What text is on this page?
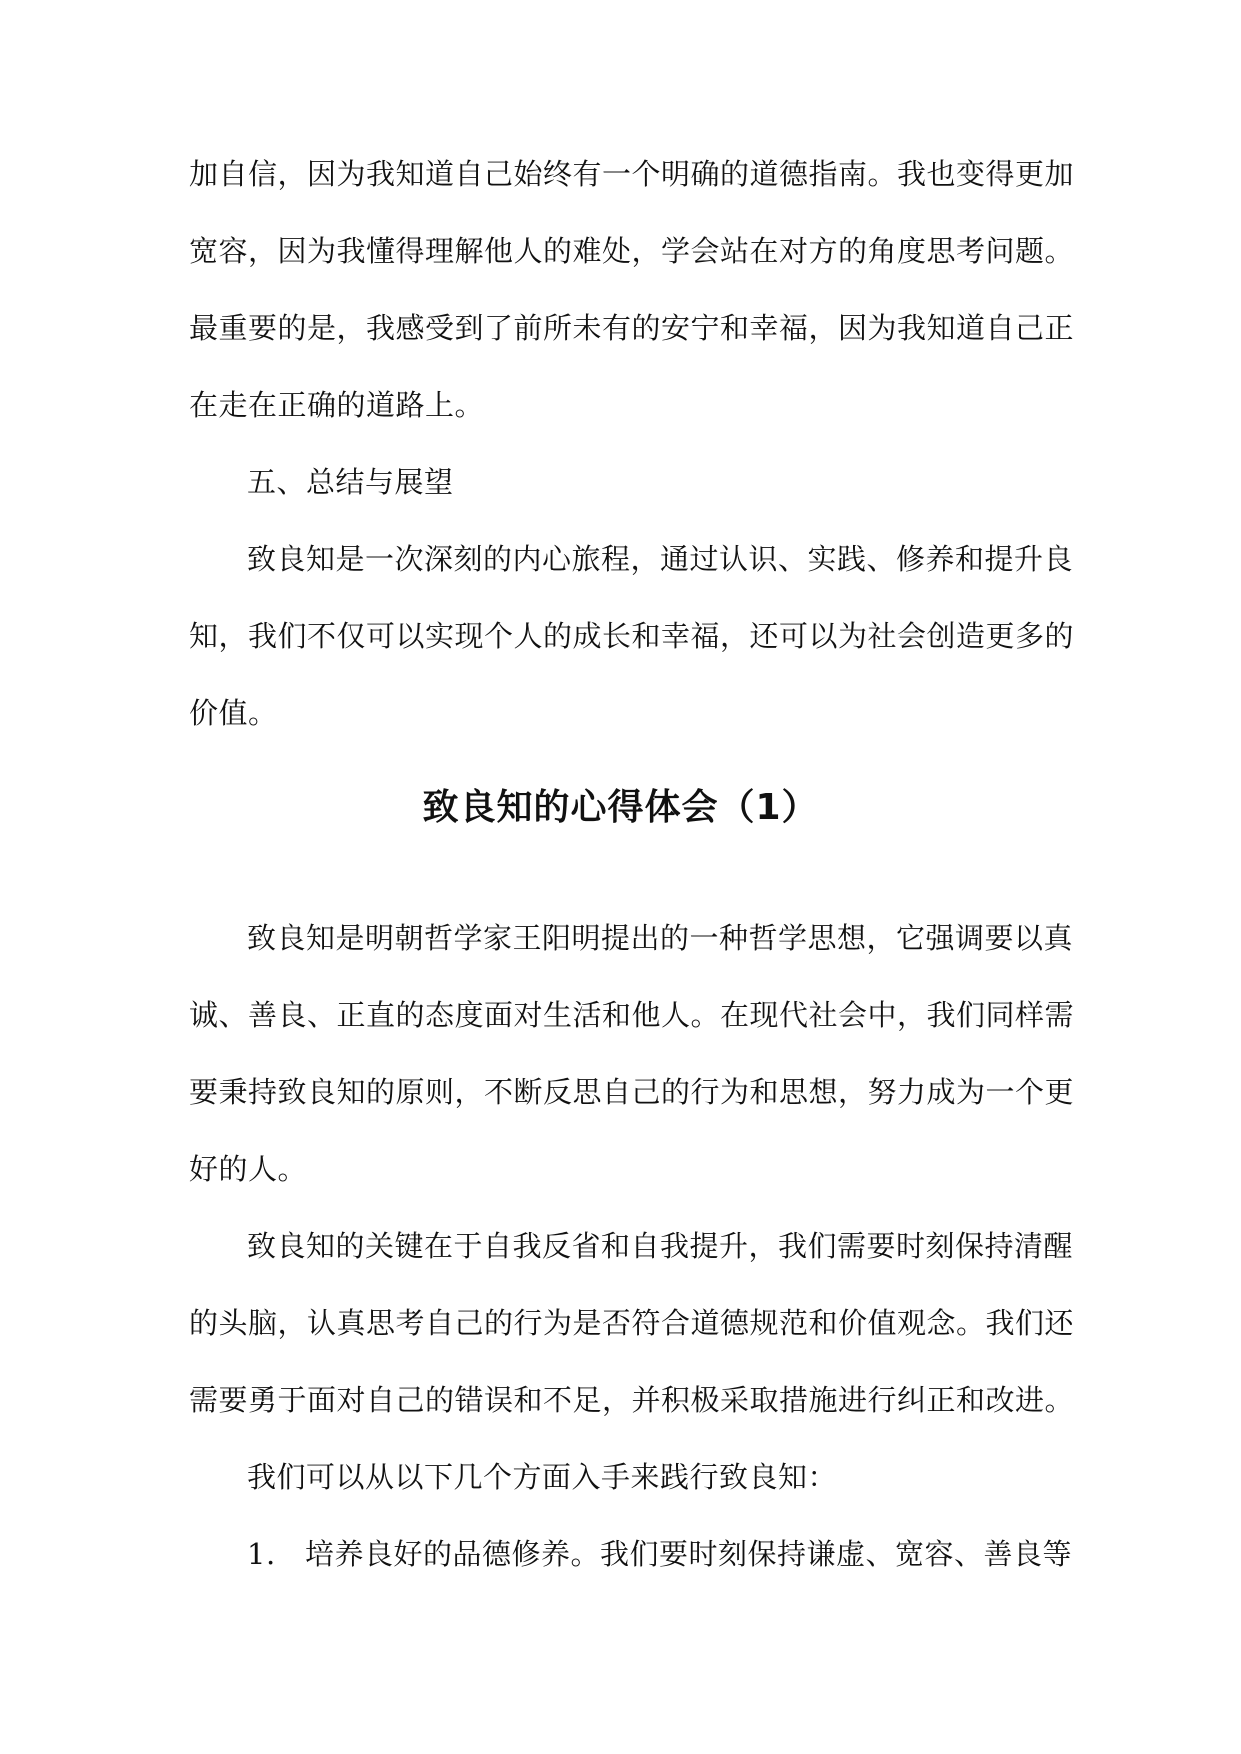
加自信，因为我知道自己始终有一个明确的道德指南。我也变得更加
宽容，因为我懂得理解他人的难处，学会站在对方的角度思考问题。
最重要的是，我感受到了前所未有的安宁和幸福，因为我知道自己正
在走在正确的道路上。
五、总结与展望
致良知是一次深刻的内心旅程，通过认识、实践、修养和提升良
知，我们不仅可以实现个人的成长和幸福，还可以为社会创造更多的
价值。
致良知的心得体会（1）
致良知是明朝哲学家王阳明提出的一种哲学思想，它强调要以真
诚、善良、正直的态度面对生活和他人。在现代社会中，我们同样需
要秉持致良知的原则，不断反思自己的行为和思想，努力成为一个更
好的人。
致良知的关键在于自我反省和自我提升，我们需要时刻保持清醒
的头脑，认真思考自己的行为是否符合道德规范和价值观念。我们还
需要勇于面对自己的错误和不足，并积极采取措施进行纠正和改进。
我们可以从以下几个方面入手来践行致良知：
1. 培养良好的品德修养。我们要时刻保持谦虚、宽容、善良等
